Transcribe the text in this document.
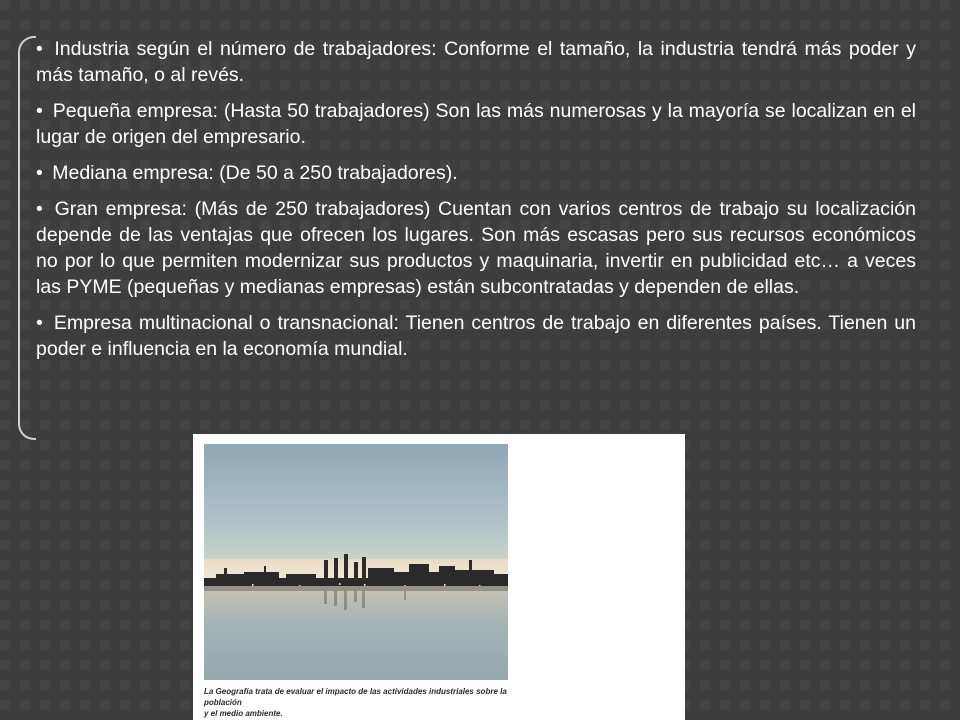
• Industria según el número de trabajadores: Conforme el tamaño, la industria tendrá más poder y más tamaño, o al revés.

• Pequeña empresa: (Hasta 50 trabajadores) Son las más numerosas y la mayoría se localizan en el lugar de origen del empresario.

• Mediana empresa: (De 50 a 250 trabajadores).

• Gran empresa: (Más de 250 trabajadores) Cuentan con varios centros de trabajo su localización depende de las ventajas que ofrecen los lugares. Son más escasas pero sus recursos económicos no por lo que permiten modernizar sus productos y maquinaria, invertir en publicidad etc… a veces las PYME (pequeñas y medianas empresas) están subcontratadas y dependen de ellas.

• Empresa multinacional o transnacional: Tienen centros de trabajo en diferentes países. Tienen un poder e influencia en la economía mundial.

La Geografía trata de evaluar el impacto de las actividades industriales sobre la población
y el medio ambiente.
